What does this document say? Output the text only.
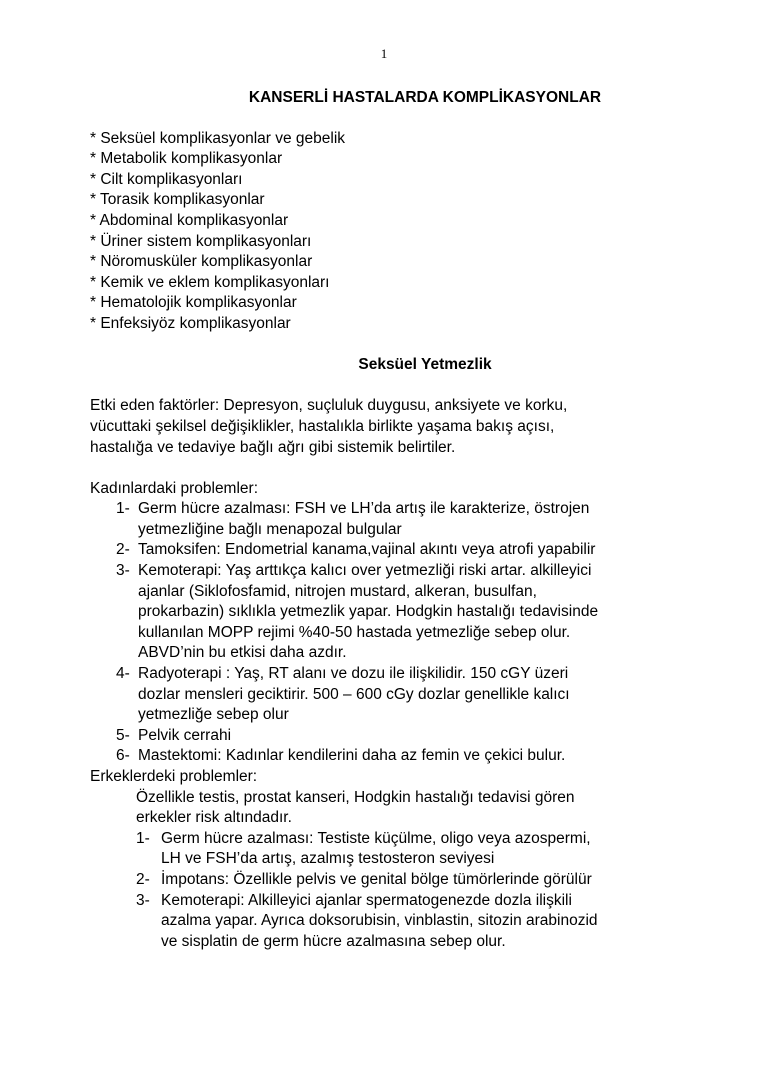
1
KANSERLİ HASTALARDA KOMPLİKASYONLAR
* Seksüel komplikasyonlar ve gebelik
* Metabolik komplikasyonlar
* Cilt komplikasyonları
* Torasik komplikasyonlar
* Abdominal komplikasyonlar
* Üriner sistem komplikasyonları
* Nöromusküler komplikasyonlar
* Kemik ve eklem komplikasyonları
* Hematolojik komplikasyonlar
* Enfeksiyöz komplikasyonlar
Seksüel Yetmezlik
Etki eden faktörler: Depresyon, suçluluk duygusu, anksiyete ve korku,
vücuttaki şekilsel değişiklikler, hastalıkla birlikte yaşama bakış açısı,
hastalığa ve tedaviye bağlı ağrı gibi sistemik belirtiler.
Kadınlardaki problemler:
1- Germ hücre azalması: FSH ve LH’da artış ile karakterize, östrojen
yetmezliğine bağlı menapozal bulgular
2- Tamoksifen: Endometrial kanama,vajinal akıntı veya atrofi yapabilir
3- Kemoterapi: Yaş arttıkça kalıcı over yetmezliği riski artar. alkilleyici
ajanlar (Siklofosfamid, nitrojen mustard, alkeran, busulfan,
prokarbazin) sıklıkla yetmezlik yapar. Hodgkin hastalığı tedavisinde
kullanılan MOPP rejimi %40-50 hastada yetmezliğe sebep olur.
ABVD’nin bu etkisi daha azdır.
4- Radyoterapi : Yaş, RT alanı ve dozu ile ilişkilidir. 150 cGY üzeri
dozlar mensleri geciktirir. 500 – 600 cGy dozlar genellikle kalıcı
yetmezliğe sebep olur
5- Pelvik cerrahi
6- Mastektomi: Kadınlar kendilerini daha az femin ve çekici bulur.
Erkeklerdeki problemler:
Özellikle testis, prostat kanseri, Hodgkin hastalığı tedavisi gören
erkekler risk altındadır.
1- Germ hücre azalması: Testiste küçülme, oligo veya azospermi,
LH ve FSH’da artış, azalmış testosteron seviyesi
2- İmpotans: Özellikle pelvis ve genital bölge tümörlerinde görülür
3- Kemoterapi: Alkilleyici ajanlar spermatogenezde dozla ilişkili
azalma yapar. Ayrıca doksorubisin, vinblastin, sitozin arabinozid
ve sisplatin de germ hücre azalmasına sebep olur.
